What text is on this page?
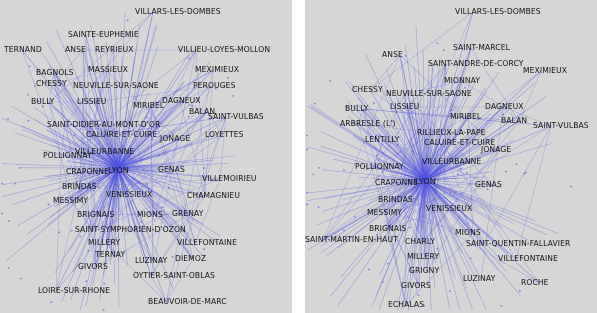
VILLARS-LES-DOMBES
SAINTE-EUPHEMIE
TERNAND	ANSE REYRIEUX	VILLIEU-LOYES-MOLLON
MASSIEUX	MEXIMIEUX
BAGNOLS
CHESSY NEUVILLE-SUR-SAONE	PEROUGES
BULLY	LISSIEU	DAGNEUX
MIRIBEL
BALAN
SAINT-VULBAS
SAINT-DIDIER-AU-MONT-D'OR
CALUIRE-ET-CUIRE JONAGE LOYETTES
POLLIONNAY
VILLEURBANNE
LYON	GENAS
CRAPONNE
VILLEMOIRIEU
BRINDAS
CHAMAGNIEU
MESSIMY
VENISSIEUX
BRIGNAIS	MIONS GRENAY
SAINT-SYMPHORIEN-D'OZON
MILLERY	VILLEFONTAINE
TERNAY	DIEMOZ
GIVORS
LUZINAY
OYTIER-SAINT-OBLAS
LOIRE-SUR-RHONE
BEAUVOIR-DE-MARC
VILLARS-LES-DOMBES
SAINT-MARCEL
ANSE
SAINT-ANDRE-DE-CORCY
MEXIMIEUX
MIONNAY
CHESSY NEUVILLE-SUR-SAONE
BULLY	LISSIEU	DAGNEUX
ARBRESLE (L')
MIRIBEL	BALAN
SAINT-VULBAS
LENTILLY
RILLIEUX-LA-PAPE
CALUIRE-ET-CUIRE
JONAGE
POLLIONNAY
VILLEURBANNE
CRAPONNE
LYON	GENAS
BRINDAS
MESSIMY	VENISSIEUX
BRIGNAIS
SAINT-MARTIN-EN-HAUT
MIONS
CHARLY	SAINT-QUENTIN-FALLAVIER
MILLERY	VILLEFONTAINE
GRIGNY
LUZINAY	ROCHE
GIVORS
ECHALAS
